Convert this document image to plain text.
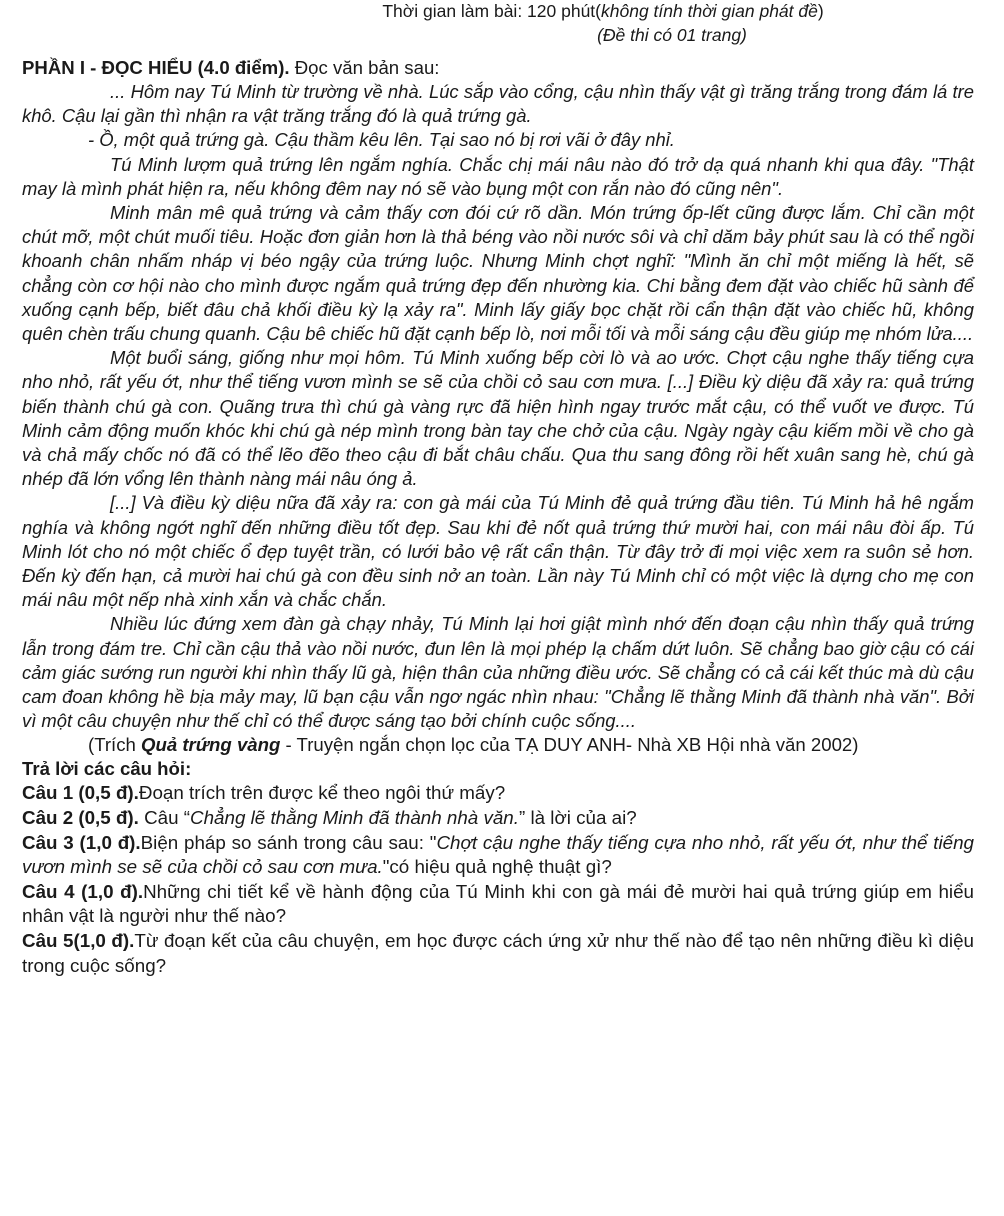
Thời gian làm bài: 120 phút(không tính thời gian phát đề)
(Đề thi có 01 trang)
PHẦN I - ĐỌC HIỂU (4.0 điểm). Đọc văn bản sau:

... Hôm nay Tú Minh từ trường về nhà. Lúc sắp vào cổng, cậu nhìn thấy vật gì trăng trắng trong đám lá tre khô. Cậu lại gần thì nhận ra vật trăng trắng đó là quả trứng gà.

- Ồ, một quả trứng gà. Cậu thầm kêu lên. Tại sao nó bị rơi vãi ở đây nhỉ.

Tú Minh lượm quả trứng lên ngắm nghía. Chắc chị mái nâu nào đó trở dạ quá nhanh khi qua đây. "Thật may là mình phát hiện ra, nếu không đêm nay nó sẽ vào bụng một con rắn nào đó cũng nên".

Minh mân mê quả trứng và cảm thấy cơn đói cứ rõ dần. Món trứng ốp-lết cũng được lắm. Chỉ cần một chút mỡ, một chút muối tiêu. Hoặc đơn giản hơn là thả béng vào nồi nước sôi và chỉ dăm bảy phút sau là có thể ngồi khoanh chân nhấm nháp vị béo ngậy của trứng luộc. Nhưng Minh chợt nghĩ: "Mình ăn chỉ một miếng là hết, sẽ chẳng còn cơ hội nào cho mình được ngắm quả trứng đẹp đến nhường kia. Chi bằng đem đặt vào chiếc hũ sành để xuống cạnh bếp, biết đâu chả khối điều kỳ lạ xảy ra". Minh lấy giấy bọc chặt rồi cẩn thận đặt vào chiếc hũ, không quên chèn trấu chung quanh. Cậu bê chiếc hũ đặt cạnh bếp lò, nơi mỗi tối và mỗi sáng cậu đều giúp mẹ nhóm lửa....

Một buổi sáng, giống như mọi hôm. Tú Minh xuống bếp cời lò và ao ước. Chợt cậu nghe thấy tiếng cựa nho nhỏ, rất yếu ớt, như thể tiếng vươn mình se sẽ của chồi cỏ sau cơn mưa. [...] Điều kỳ diệu đã xảy ra: quả trứng biến thành chú gà con. Quãng trưa thì chú gà vàng rực đã hiện hình ngay trước mắt cậu, có thể vuốt ve được. Tú Minh cảm động muốn khóc khi chú gà nép mình trong bàn tay che chở của cậu. Ngày ngày cậu kiếm mồi về cho gà và chả mấy chốc nó đã có thể lẽo đẽo theo cậu đi bắt châu chấu. Qua thu sang đông rồi hết xuân sang hè, chú gà nhép đã lớn vổng lên thành nàng mái nâu óng ả.

[...] Và điều kỳ diệu nữa đã xảy ra: con gà mái của Tú Minh đẻ quả trứng đầu tiên. Tú Minh hả hê ngắm nghía và không ngớt nghĩ đến những điều tốt đẹp. Sau khi đẻ nốt quả trứng thứ mười hai, con mái nâu đòi ấp. Tú Minh lót cho nó một chiếc ổ đẹp tuyệt trần, có lưới bảo vệ rất cẩn thận. Từ đây trở đi mọi việc xem ra suôn sẻ hơn. Đến kỳ đến hạn, cả mười hai chú gà con đều sinh nở an toàn. Lần này Tú Minh chỉ có một việc là dựng cho mẹ con mái nâu một nếp nhà xinh xắn và chắc chắn.

Nhiều lúc đứng xem đàn gà chạy nhảy, Tú Minh lại hơi giật mình nhớ đến đoạn cậu nhìn thấy quả trứng lẫn trong đám tre. Chỉ cần cậu thả vào nồi nước, đun lên là mọi phép lạ chấm dứt luôn. Sẽ chẳng bao giờ cậu có cái cảm giác sướng run người khi nhìn thấy lũ gà, hiện thân của những điều ước. Sẽ chẳng có cả cái kết thúc mà dù cậu cam đoan không hề bịa mảy may, lũ bạn cậu vẫn ngơ ngác nhìn nhau: "Chẳng lẽ thằng Minh đã thành nhà văn". Bởi vì một câu chuyện như thế chỉ có thể được sáng tạo bởi chính cuộc sống....

(Trích Quả trứng vàng - Truyện ngắn chọn lọc của TẠ DUY ANH- Nhà XB Hội nhà văn 2002)
Trả lời các câu hỏi:

Câu 1 (0,5 đ).Đoạn trích trên được kể theo ngôi thứ mấy?

Câu 2 (0,5 đ). Câu “Chẳng lẽ thằng Minh đã thành nhà văn.” là lời của ai?

Câu 3 (1,0 đ).Biện pháp so sánh trong câu sau: "Chợt cậu nghe thấy tiếng cựa nho nhỏ, rất yếu ớt, như thể tiếng vươn mình se sẽ của chồi cỏ sau cơn mưa."có hiệu quả nghệ thuật gì?

Câu 4 (1,0 đ).Những chi tiết kể về hành động của Tú Minh khi con gà mái đẻ mười hai quả trứng giúp em hiểu nhân vật là người như thế nào?

Câu 5(1,0 đ).Từ đoạn kết của câu chuyện, em học được cách ứng xử như thế nào để tạo nên những điều kì diệu trong cuộc sống?
